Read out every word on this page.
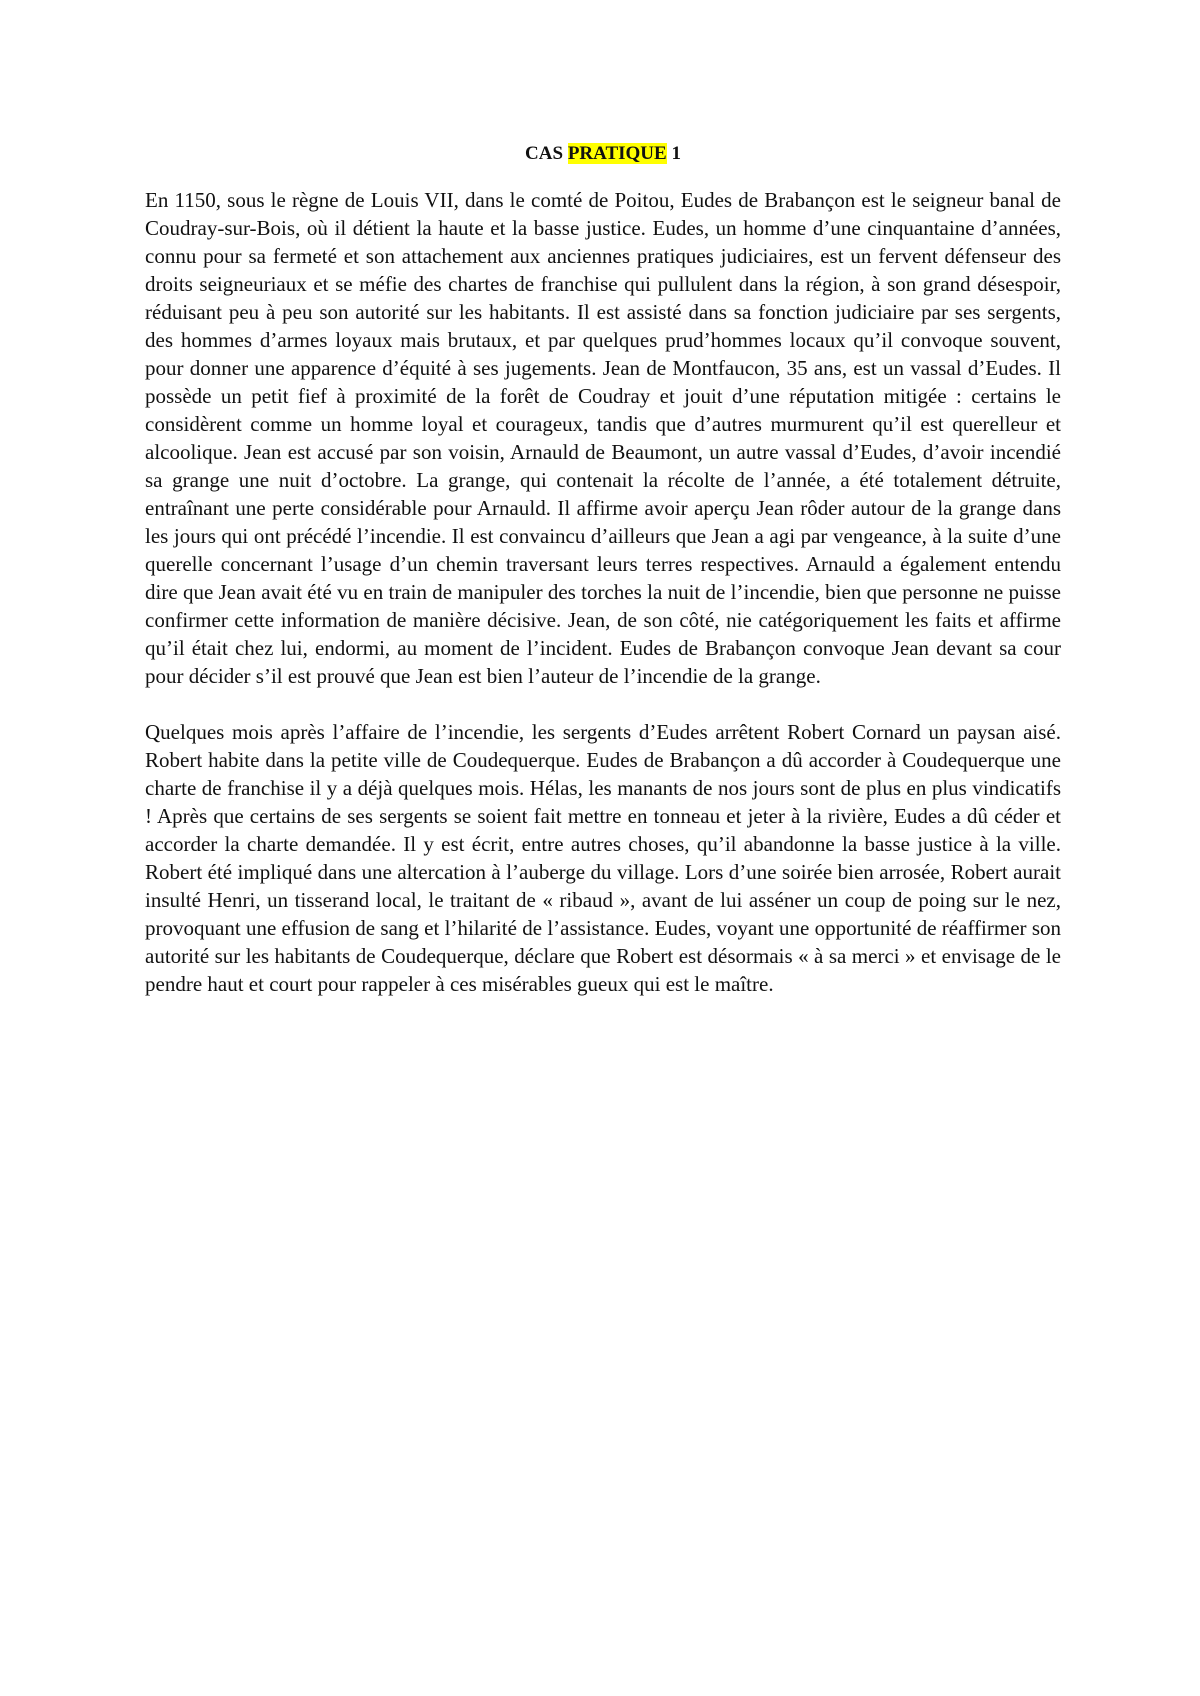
CAS PRATIQUE 1

En 1150, sous le règne de Louis VII, dans le comté de Poitou, Eudes de Brabançon est le seigneur banal de Coudray-sur-Bois, où il détient la haute et la basse justice. Eudes, un homme d’une cinquantaine d’années, connu pour sa fermeté et son attachement aux anciennes pratiques judiciaires, est un fervent défenseur des droits seigneuriaux et se méfie des chartes de franchise qui pullulent dans la région, à son grand désespoir, réduisant peu à peu son autorité sur les habitants. Il est assisté dans sa fonction judiciaire par ses sergents, des hommes d’armes loyaux mais brutaux, et par quelques prud’hommes locaux qu’il convoque souvent, pour donner une apparence d’équité à ses jugements. Jean de Montfaucon, 35 ans, est un vassal d’Eudes. Il possède un petit fief à proximité de la forêt de Coudray et jouit d’une réputation mitigée : certains le considèrent comme un homme loyal et courageux, tandis que d’autres murmurent qu’il est querelleur et alcoolique. Jean est accusé par son voisin, Arnauld de Beaumont, un autre vassal d’Eudes, d’avoir incendié sa grange une nuit d’octobre. La grange, qui contenait la récolte de l’année, a été totalement détruite, entraînant une perte considérable pour Arnauld. Il affirme avoir aperçu Jean rôder autour de la grange dans les jours qui ont précédé l’incendie. Il est convaincu d’ailleurs que Jean a agi par vengeance, à la suite d’une querelle concernant l’usage d’un chemin traversant leurs terres respectives. Arnauld a également entendu dire que Jean avait été vu en train de manipuler des torches la nuit de l’incendie, bien que personne ne puisse confirmer cette information de manière décisive. Jean, de son côté, nie catégoriquement les faits et affirme qu’il était chez lui, endormi, au moment de l’incident. Eudes de Brabançon convoque Jean devant sa cour pour décider s’il est prouvé que Jean est bien l’auteur de l’incendie de la grange.

Quelques mois après l’affaire de l’incendie, les sergents d’Eudes arrêtent Robert Cornard un paysan aisé. Robert habite dans la petite ville de Coudequerque. Eudes de Brabançon a dû accorder à Coudequerque une charte de franchise il y a déjà quelques mois. Hélas, les manants de nos jours sont de plus en plus vindicatifs ! Après que certains de ses sergents se soient fait mettre en tonneau et jeter à la rivière, Eudes a dû céder et accorder la charte demandée. Il y est écrit, entre autres choses, qu’il abandonne la basse justice à la ville. Robert été impliqué dans une altercation à l’auberge du village. Lors d’une soirée bien arrosée, Robert aurait insulté Henri, un tisserand local, le traitant de « ribaud », avant de lui asséner un coup de poing sur le nez, provoquant une effusion de sang et l’hilarité de l’assistance. Eudes, voyant une opportunité de réaffirmer son autorité sur les habitants de Coudequerque, déclare que Robert est désormais « à sa merci » et envisage de le pendre haut et court pour rappeler à ces misérables gueux qui est le maître.
